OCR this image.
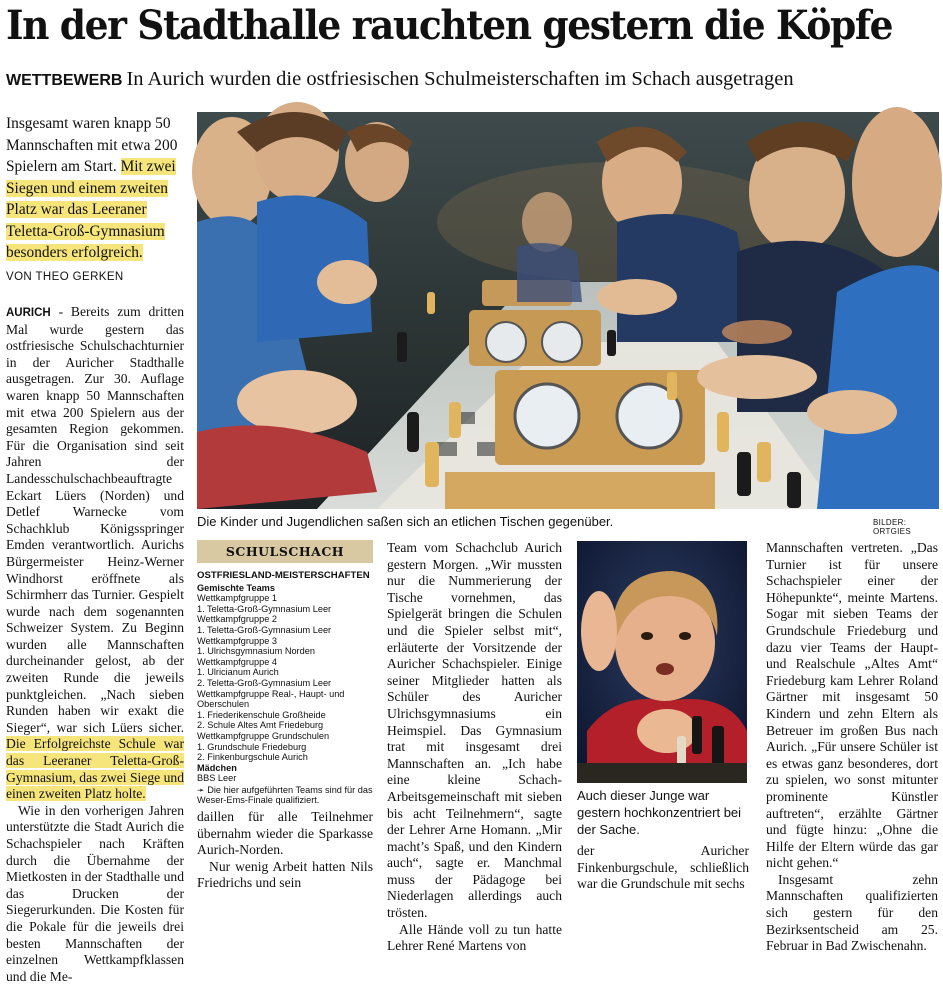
In der Stadthalle rauchten gestern die Köpfe
WETTBEWERB In Aurich wurden die ostfriesischen Schulmeisterschaften im Schach ausgetragen
Insgesamt waren knapp 50 Mannschaften mit etwa 200 Spielern am Start. Mit zwei Siegen und einem zweiten Platz war das Leeraner Teletta-Groß-Gymnasium besonders erfolgreich.
VON THEO GERKEN

AURICH - Bereits zum dritten Mal wurde gestern das ostfriesische Schulschachturnier in der Auricher Stadthalle ausgetragen. Zur 30. Auflage waren knapp 50 Mannschaften mit etwa 200 Spielern aus der gesamten Region gekommen. Für die Organisation sind seit Jahren der Landesschulschachbeauftragte Eckart Lüers (Norden) und Detlef Warnecke vom Schachklub Königsspringer Emden verantwortlich. Aurichs Bürgermeister Heinz-Werner Windhorst eröffnete als Schirmherr das Turnier. Gespielt wurde nach dem sogenannten Schweizer System. Zu Beginn wurden alle Mannschaften durcheinander gelost, ab der zweiten Runde die jeweils punktgleichen. „Nach sieben Runden haben wir exakt die Sieger“, war sich Lüers sicher. Die Erfolgreichste Schule war das Leeraner Teletta-Groß-Gymnasium, das zwei Siege und einen zweiten Platz holte.

Wie in den vorherigen Jahren unterstützte die Stadt Aurich die Schachspieler nach Kräften durch die Übernahme der Mietkosten in der Stadthalle und das Drucken der Siegerurkunden. Die Kosten für die Pokale für die jeweils drei besten Mannschaften der einzelnen Wettkampfklassen und die Me-

Die Kinder und Jugendlichen saßen sich an etlichen Tischen gegenüber.	BILDER: ORTGIES
SCHULSCHACH
OSTFRIESLAND-MEISTERSCHAFTEN
Gemischte Teams
Wettkampfgruppe 1
1. Teletta-Groß-Gymnasium Leer
Wettkampfgruppe 2
1. Teletta-Groß-Gymnasium Leer
Wettkampfgruppe 3
1. Ulrichsgymnasium Norden
Wettkampfgruppe 4
1. Ulricianum Aurich
2. Teletta-Groß-Gymnasium Leer
Wettkampfgruppe Real-, Haupt- und Oberschulen
1. Friederikenschule Großheide
2. Schule Altes Amt Friedeburg
Wettkampfgruppe Grundschulen
1. Grundschule Friedeburg
2. Finkenburgschule Aurich
Mädchen
BBS Leer
➛ Die hier aufgeführten Teams sind für das Weser-Ems-Finale qualifiziert.

daillen für alle Teilnehmer übernahm wieder die Sparkasse Aurich-Norden.

Nur wenig Arbeit hatten Nils Friedrichs und sein

Team vom Schachclub Aurich gestern Morgen. „Wir mussten nur die Nummerierung der Tische vornehmen, das Spielgerät bringen die Schulen und die Spieler selbst mit“, erläuterte der Vorsitzende der Auricher Schachspieler. Einige seiner Mitglieder hatten als Schüler des Auricher Ulrichsgymnasiums ein Heimspiel. Das Gymnasium trat mit insgesamt drei Mannschaften an. „Ich habe eine kleine Schach-Arbeitsgemeinschaft mit sieben bis acht Teilnehmern“, sagte der Lehrer Arne Homann. „Mir macht’s Spaß, und den Kindern auch“, sagte er. Manchmal muss der Pädagoge bei Niederlagen allerdings auch trösten.

Alle Hände voll zu tun hatte Lehrer René Martens von

Auch dieser Junge war gestern hochkonzentriert bei der Sache.

der Auricher Finkenburgschule, schließlich war die Grundschule mit sechs

Mannschaften vertreten. „Das Turnier ist für unsere Schachspieler einer der Höhepunkte“, meinte Martens. Sogar mit sieben Teams der Grundschule Friedeburg und dazu vier Teams der Haupt- und Realschule „Altes Amt“ Friedeburg kam Lehrer Roland Gärtner mit insgesamt 50 Kindern und zehn Eltern als Betreuer im großen Bus nach Aurich. „Für unsere Schüler ist es etwas ganz besonderes, dort zu spielen, wo sonst mitunter prominente Künstler auftreten“, erzählte Gärtner und fügte hinzu: „Ohne die Hilfe der Eltern würde das gar nicht gehen.“

Insgesamt zehn Mannschaften qualifizierten sich gestern für den Bezirksentscheid am 25. Februar in Bad Zwischenahn.
